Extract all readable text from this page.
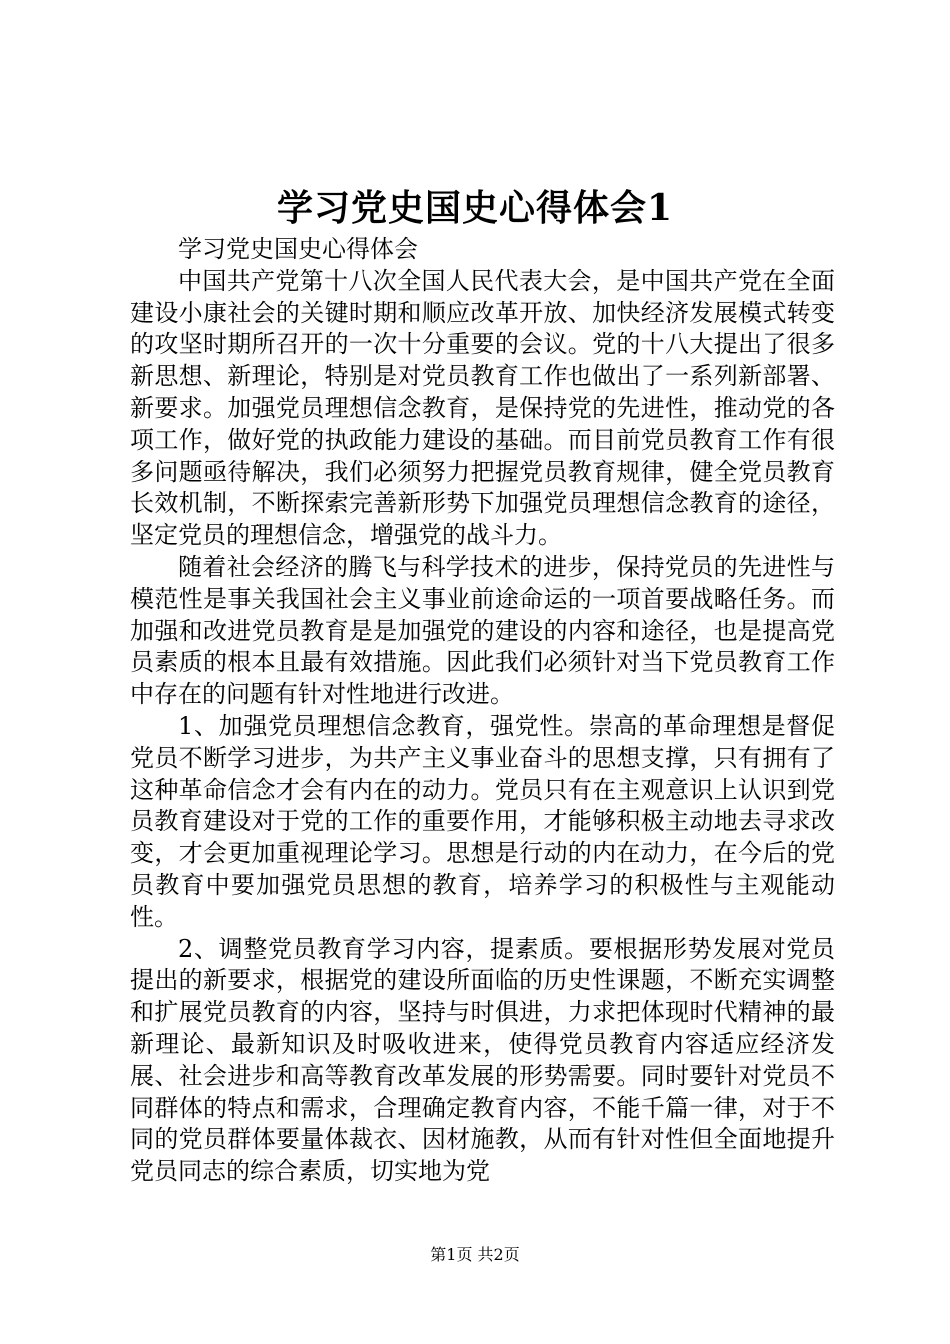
学习党史国史心得体会1

学习党史国史心得体会

中国共产党第十八次全国人民代表大会，是中国共产党在全面建设小康社会的关键时期和顺应改革开放、加快经济发展模式转变的攻坚时期所召开的一次十分重要的会议。党的十八大提出了很多新思想、新理论，特别是对党员教育工作也做出了一系列新部署、新要求。加强党员理想信念教育，是保持党的先进性，推动党的各项工作，做好党的执政能力建设的基础。而目前党员教育工作有很多问题亟待解决，我们必须努力把握党员教育规律，健全党员教育长效机制，不断探索完善新形势下加强党员理想信念教育的途径，坚定党员的理想信念，增强党的战斗力。

随着社会经济的腾飞与科学技术的进步，保持党员的先进性与模范性是事关我国社会主义事业前途命运的一项首要战略任务。而加强和改进党员教育是是加强党的建设的内容和途径，也是提高党员素质的根本且最有效措施。因此我们必须针对当下党员教育工作中存在的问题有针对性地进行改进。

1、加强党员理想信念教育，强党性。崇高的革命理想是督促党员不断学习进步，为共产主义事业奋斗的思想支撑，只有拥有了这种革命信念才会有内在的动力。党员只有在主观意识上认识到党员教育建设对于党的工作的重要作用，才能够积极主动地去寻求改变，才会更加重视理论学习。思想是行动的内在动力，在今后的党员教育中要加强党员思想的教育，培养学习的积极性与主观能动性。

2、调整党员教育学习内容，提素质。要根据形势发展对党员提出的新要求，根据党的建设所面临的历史性课题，不断充实调整和扩展党员教育的内容，坚持与时俱进，力求把体现时代精神的最新理论、最新知识及时吸收进来，使得党员教育内容适应经济发展、社会进步和高等教育改革发展的形势需要。同时要针对党员不同群体的特点和需求，合理确定教育内容，不能千篇一律，对于不同的党员群体要量体裁衣、因材施教，从而有针对性但全面地提升党员同志的综合素质，切实地为党

第1页 共2页
